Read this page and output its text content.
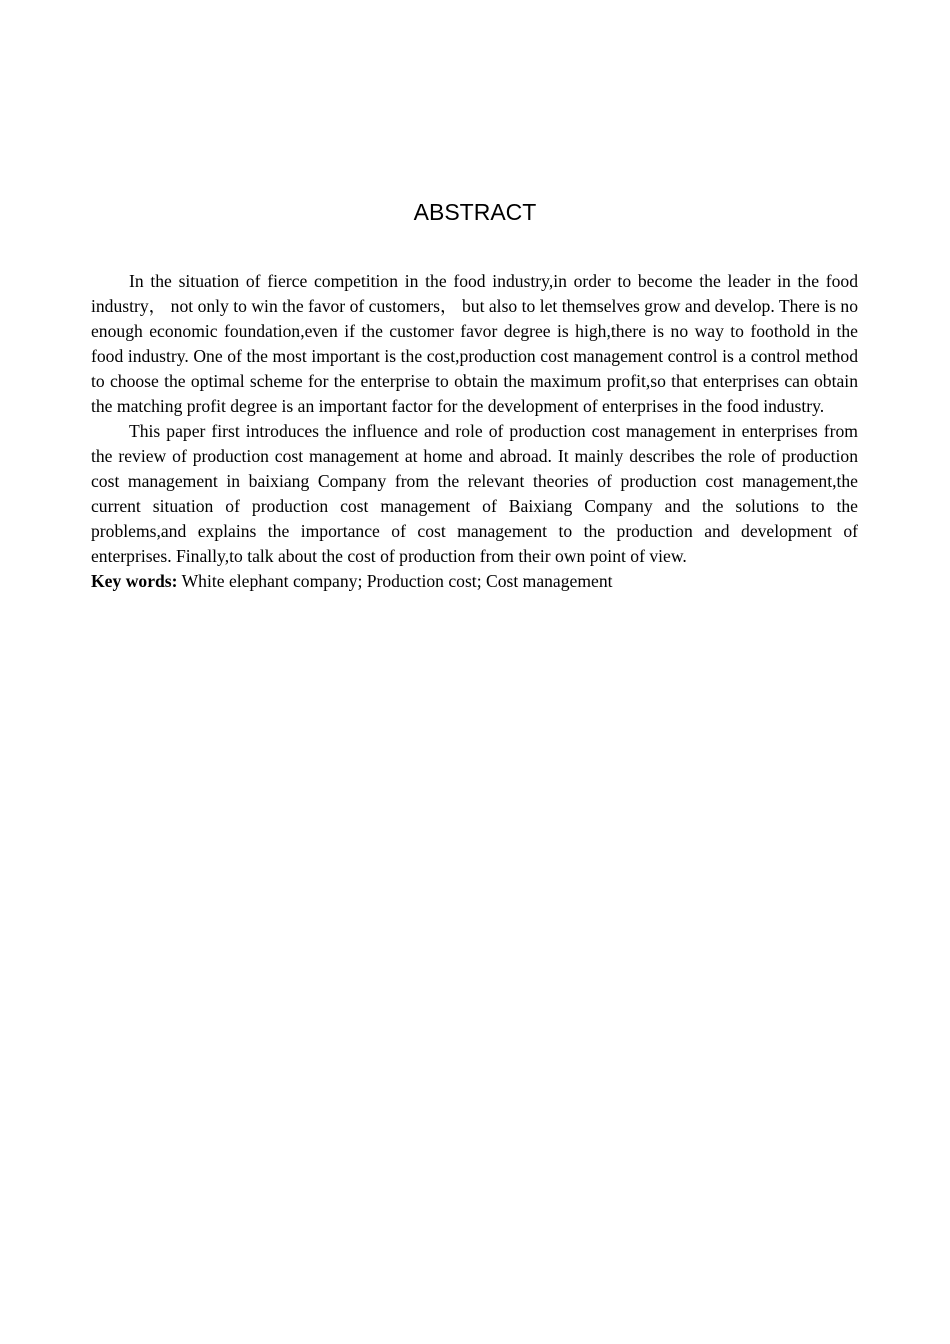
ABSTRACT

In the situation of fierce competition in the food industry,in order to become the leader in the food industry， not only to win the favor of customers， but also to let themselves grow and develop. There is no enough economic foundation,even if the customer favor degree is high,there is no way to foothold in the food industry. One of the most important is the cost,production cost management control is a control method to choose the optimal scheme for the enterprise to obtain the maximum profit,so that enterprises can obtain the matching profit degree is an important factor for the development of enterprises in the food industry.

This paper first introduces the influence and role of production cost management in enterprises from the review of production cost management at home and abroad. It mainly describes the role of production cost management in baixiang Company from the relevant theories of production cost management,the current situation of production cost management of Baixiang Company and the solutions to the problems,and explains the importance of cost management to the production and development of enterprises. Finally,to talk about the cost of production from their own point of view.

Key words: White elephant company; Production cost; Cost management
